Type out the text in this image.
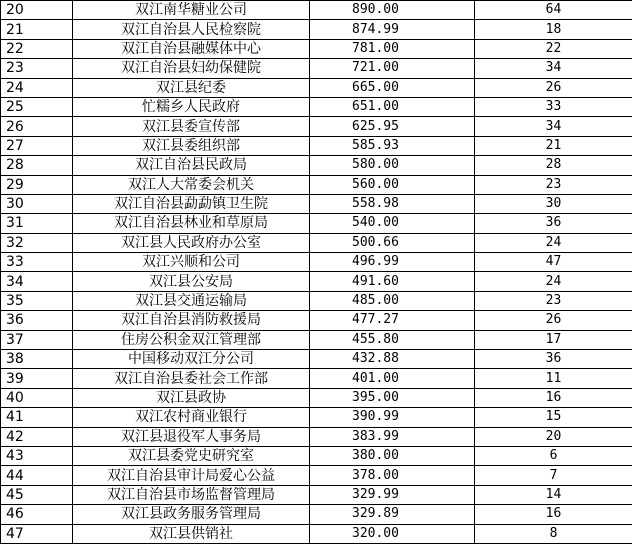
20	双江南华糖业公司	890.00	64
21	双江自治县人民检察院	874.99	18
22	双江自治县融媒体中心	781.00	22
23	双江自治县妇幼保健院	721.00	34
24	双江县纪委	665.00	26
25	忙糯乡人民政府	651.00	33
26	双江县委宣传部	625.95	34
27	双江县委组织部	585.93	21
28	双江自治县民政局	580.00	28
29	双江人大常委会机关	560.00	23
30	双江自治县勐勐镇卫生院	558.98	30
31	双江自治县林业和草原局	540.00	36
32	双江县人民政府办公室	500.66	24
33	双江兴顺和公司	496.99	47
34	双江县公安局	491.60	24
35	双江县交通运输局	485.00	23
36	双江自治县消防救援局	477.27	26
37	住房公积金双江管理部	455.80	17
38	中国移动双江分公司	432.88	36
39	双江自治县委社会工作部	401.00	11
40	双江县政协	395.00	16
41	双江农村商业银行	390.99	15
42	双江县退役军人事务局	383.99	20
43	双江县委党史研究室	380.00	6
44	双江自治县审计局爱心公益	378.00	7
45	双江自治县市场监督管理局	329.99	14
46	双江县政务服务管理局	329.89	16
47	双江县供销社	320.00	8
